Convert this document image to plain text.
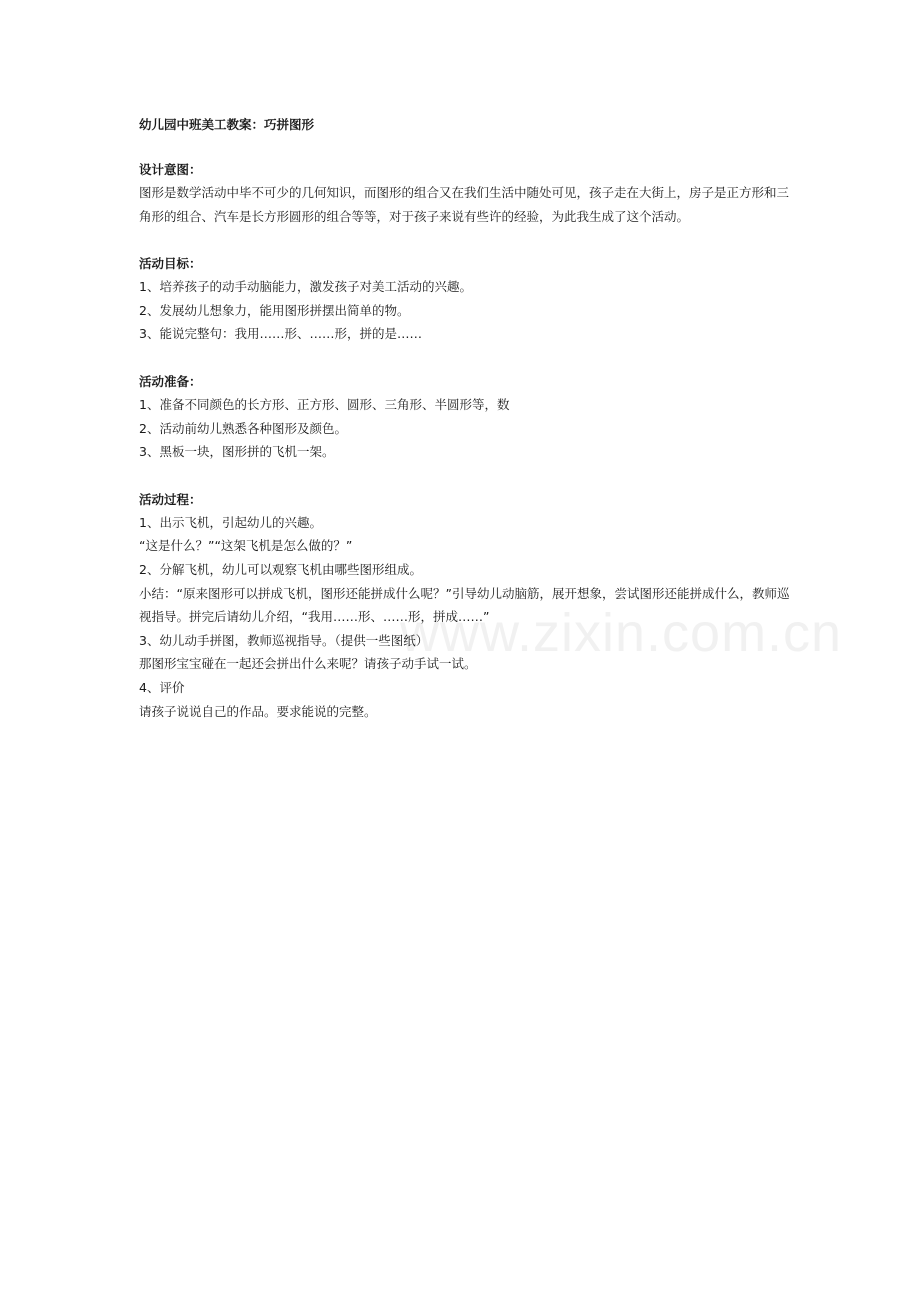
www.zixin.com.cn

幼儿园中班美工教案：巧拼图形

设计意图：

图形是数学活动中毕不可少的几何知识，而图形的组合又在我们生活中随处可见，孩子走在大街上，房子是正方形和三角形的组合、汽车是长方形圆形的组合等等，对于孩子来说有些许的经验，为此我生成了这个活动。

活动目标：

1、培养孩子的动手动脑能力，激发孩子对美工活动的兴趣。

2、发展幼儿想象力，能用图形拼摆出简单的物。

3、能说完整句：我用……形、……形，拼的是……

活动准备：

1、准备不同颜色的长方形、正方形、圆形、三角形、半圆形等，数

2、活动前幼儿熟悉各种图形及颜色。

3、黑板一块，图形拼的飞机一架。

活动过程：

1、出示飞机，引起幼儿的兴趣。

“这是什么？”“这架飞机是怎么做的？”

2、分解飞机，幼儿可以观察飞机由哪些图形组成。

小结：“原来图形可以拼成飞机，图形还能拼成什么呢？”引导幼儿动脑筋，展开想象，尝试图形还能拼成什么，教师巡视指导。拼完后请幼儿介绍，“我用……形、……形，拼成……”

3、幼儿动手拼图，教师巡视指导。（提供一些图纸）

那图形宝宝碰在一起还会拼出什么来呢？请孩子动手试一试。

4、评价

请孩子说说自己的作品。要求能说的完整。
